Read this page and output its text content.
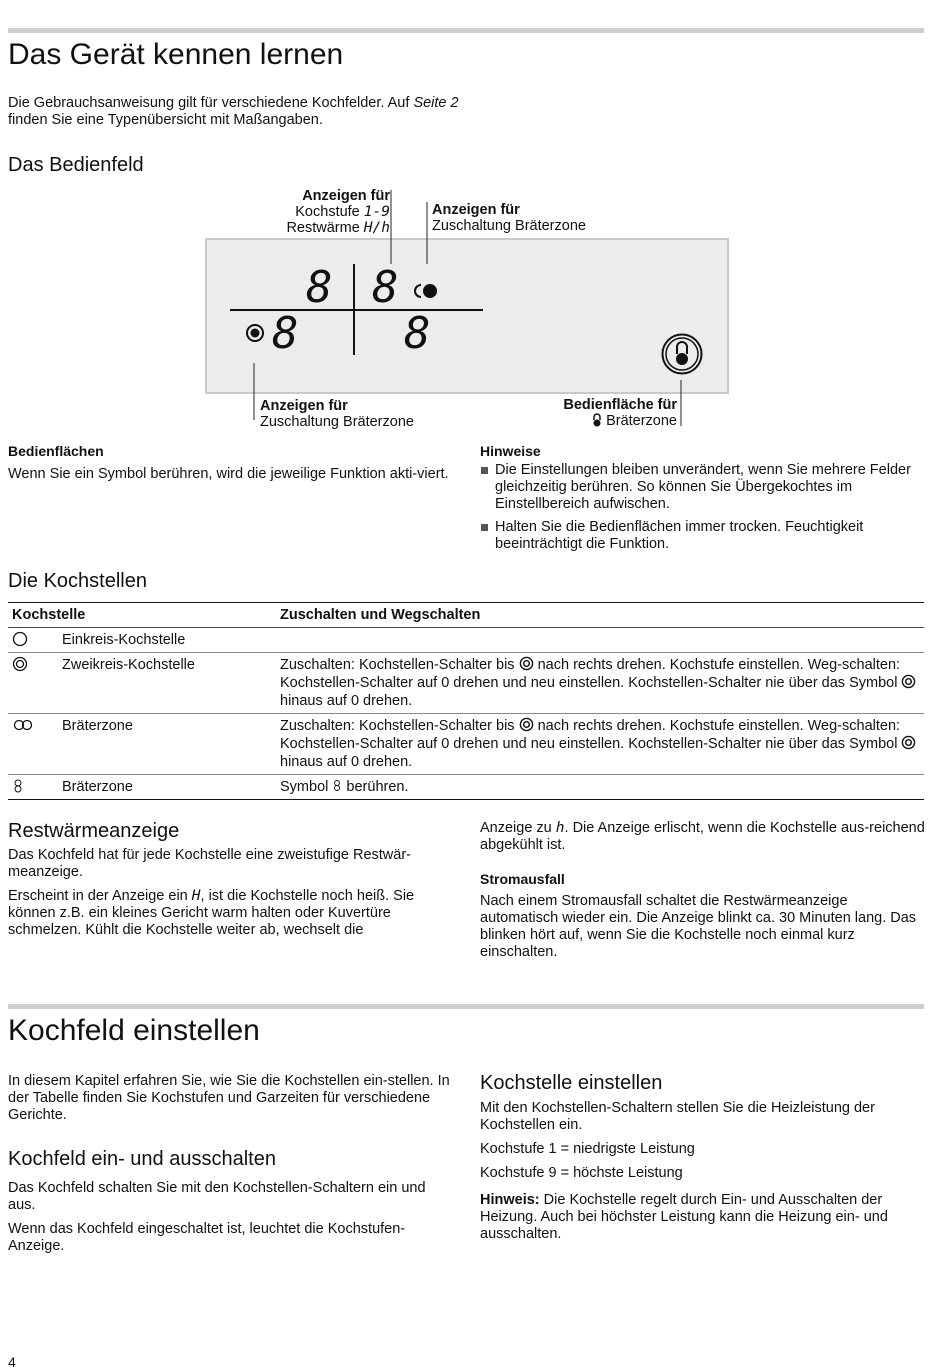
Das Gerät kennen lernen

Die Gebrauchsanweisung gilt für verschiedene Kochfelder. Auf Seite 2 finden Sie eine Typenübersicht mit Maßangaben.

Das Bedienfeld
Anzeigen für
Kochstufe 1-9
Restwärme H/h
Anzeigen für
Zuschaltung Bräterzone
8 8
8 8
Anzeigen für
Zuschaltung Bräterzone
Bedienfläche für
Bräterzone
Bedienflächen

Wenn Sie ein Symbol berühren, wird die jeweilige Funktion akti-viert.

Hinweise
Die Einstellungen bleiben unverändert, wenn Sie mehrere Felder gleichzeitig berühren. So können Sie Übergekochtes im Einstellbereich aufwischen.
Halten Sie die Bedienflächen immer trocken. Feuchtigkeit beeinträchtigt die Funktion.
Die Kochstellen
Kochstelle	Zuschalten und Wegschalten
Einkreis-Kochstelle	
Zweikreis-Kochstelle	Zuschalten: Kochstellen-Schalter bis  nach rechts drehen. Kochstufe einstellen. Weg-schalten: Kochstellen-Schalter auf 0 drehen und neu einstellen. Kochstellen-Schalter nie über das Symbol  hinaus auf 0 drehen.
Bräterzone	Zuschalten: Kochstellen-Schalter bis  nach rechts drehen. Kochstufe einstellen. Weg-schalten: Kochstellen-Schalter auf 0 drehen und neu einstellen. Kochstellen-Schalter nie über das Symbol  hinaus auf 0 drehen.
Bräterzone	Symbol  berühren.
Restwärmeanzeige

Das Kochfeld hat für jede Kochstelle eine zweistufige Restwär-meanzeige.

Erscheint in der Anzeige ein H, ist die Kochstelle noch heiß. Sie können z.B. ein kleines Gericht warm halten oder Kuvertüre schmelzen. Kühlt die Kochstelle weiter ab, wechselt die

Anzeige zu h. Die Anzeige erlischt, wenn die Kochstelle aus-reichend abgekühlt ist.

Stromausfall

Nach einem Stromausfall schaltet die Restwärmeanzeige automatisch wieder ein. Die Anzeige blinkt ca. 30 Minuten lang. Das blinken hört auf, wenn Sie die Kochstelle noch einmal kurz einschalten.

Kochfeld einstellen

In diesem Kapitel erfahren Sie, wie Sie die Kochstellen ein-stellen. In der Tabelle finden Sie Kochstufen und Garzeiten für verschiedene Gerichte.

Kochfeld ein- und ausschalten

Das Kochfeld schalten Sie mit den Kochstellen-Schaltern ein und aus.

Wenn das Kochfeld eingeschaltet ist, leuchtet die Kochstufen-Anzeige.

Kochstelle einstellen

Mit den Kochstellen-Schaltern stellen Sie die Heizleistung der Kochstellen ein.

Kochstufe 1 = niedrigste Leistung

Kochstufe 9 = höchste Leistung

Hinweis: Die Kochstelle regelt durch Ein- und Ausschalten der Heizung. Auch bei höchster Leistung kann die Heizung ein- und ausschalten.

4
